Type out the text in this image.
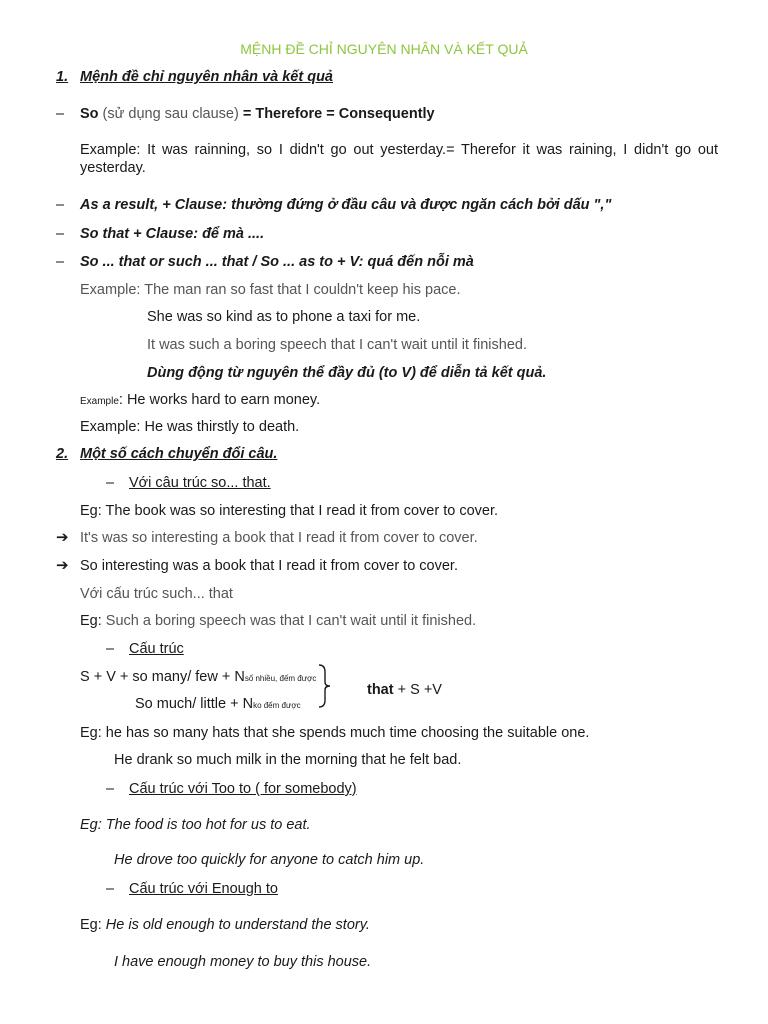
MỆNH ĐỀ CHỈ NGUYÊN NHÂN VÀ KẾT QUẢ
1. Mệnh đề chỉ nguyên nhân và kết quả
– So (sử dụng sau clause) = Therefore = Consequently
Example: It was rainning, so I didn't go out yesterday.= Therefor it was raining, I didn't go out yesterday.
– As a result, + Clause: thường đứng ở đầu câu và được ngăn cách bởi dấu ","
– So that + Clause: để mà ....
– So ... that or such ... that / So ... as to + V: quá đến nỗi mà
Example: The man ran so fast that I couldn't keep his pace.
She was so kind as to phone a taxi for me.
It was such a boring speech that I can't wait until it finished.
Dùng động từ nguyên thể đầy đủ (to V) để diễn tả kết quả.
Example: He works hard to earn money.
Example: He was thirstly to death.
2. Một số cách chuyển đổi câu.
– Với câu trúc so... that.
Eg: The book was so interesting that I read it from cover to cover.
➔ It's was so interesting a book that I read it from cover to cover.
➔ So interesting was a book that I read it from cover to cover.
Với cấu trúc such... that
Eg: Such a boring speech was that I can't wait until it finished.
– Cấu trúc
S + V + so many/ few + Nsố nhiều, đếm được
So much/ little + Nko đếm được
that + S +V
Eg: he has so many hats that she spends much time choosing the suitable one.
He drank so much milk in the morning that he felt bad.
– Cấu trúc với Too to ( for somebody)
Eg: The food is too hot for us to eat.
He drove too quickly for anyone to catch him up.
– Cấu trúc với Enough to
Eg: He is old enough to understand the story.
I have enough money to buy this house.
